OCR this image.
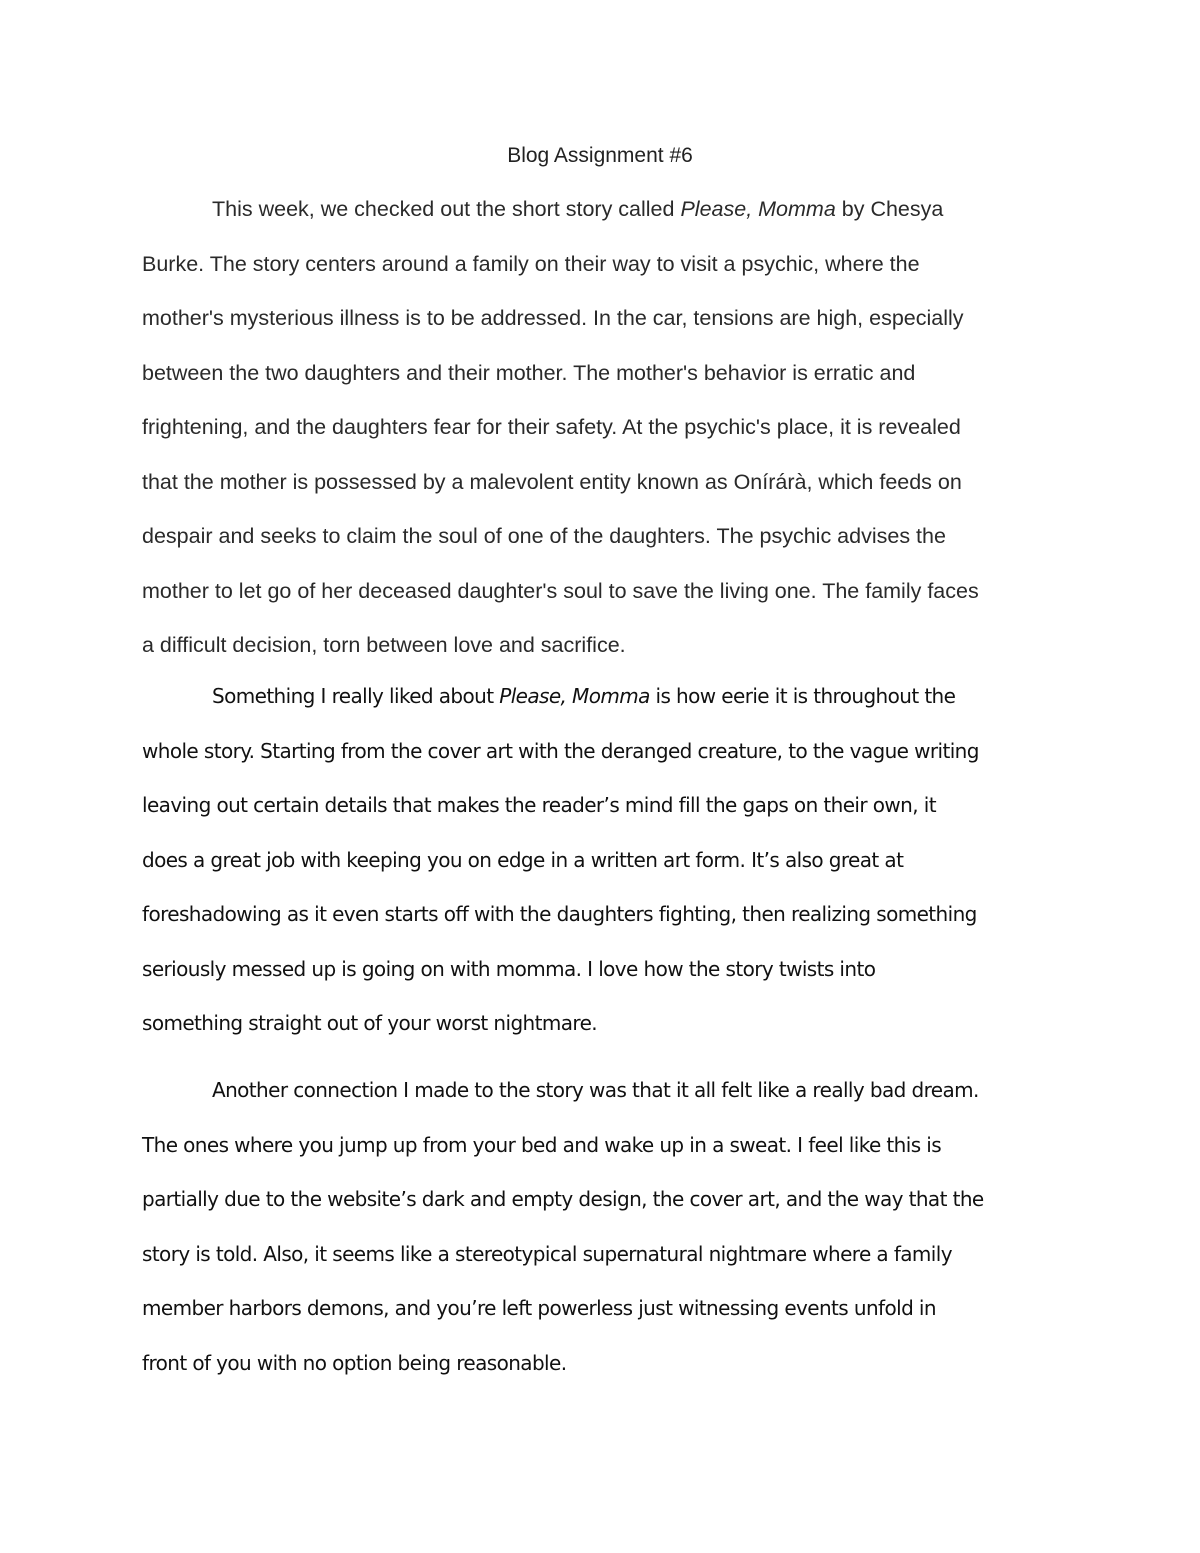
Blog Assignment #6

This week, we checked out the short story called Please, Momma by Chesya
Burke. The story centers around a family on their way to visit a psychic, where the
mother's mysterious illness is to be addressed. In the car, tensions are high, especially
between the two daughters and their mother. The mother's behavior is erratic and
frightening, and the daughters fear for their safety. At the psychic's place, it is revealed
that the mother is possessed by a malevolent entity known as Onírárà, which feeds on
despair and seeks to claim the soul of one of the daughters. The psychic advises the
mother to let go of her deceased daughter's soul to save the living one. The family faces
a difficult decision, torn between love and sacrifice.

Something I really liked about Please, Momma is how eerie it is throughout the
whole story. Starting from the cover art with the deranged creature, to the vague writing
leaving out certain details that makes the reader’s mind fill the gaps on their own, it
does a great job with keeping you on edge in a written art form. It’s also great at
foreshadowing as it even starts off with the daughters fighting, then realizing something
seriously messed up is going on with momma. I love how the story twists into
something straight out of your worst nightmare.

Another connection I made to the story was that it all felt like a really bad dream.
The ones where you jump up from your bed and wake up in a sweat. I feel like this is
partially due to the website’s dark and empty design, the cover art, and the way that the
story is told. Also, it seems like a stereotypical supernatural nightmare where a family
member harbors demons, and you’re left powerless just witnessing events unfold in
front of you with no option being reasonable.
